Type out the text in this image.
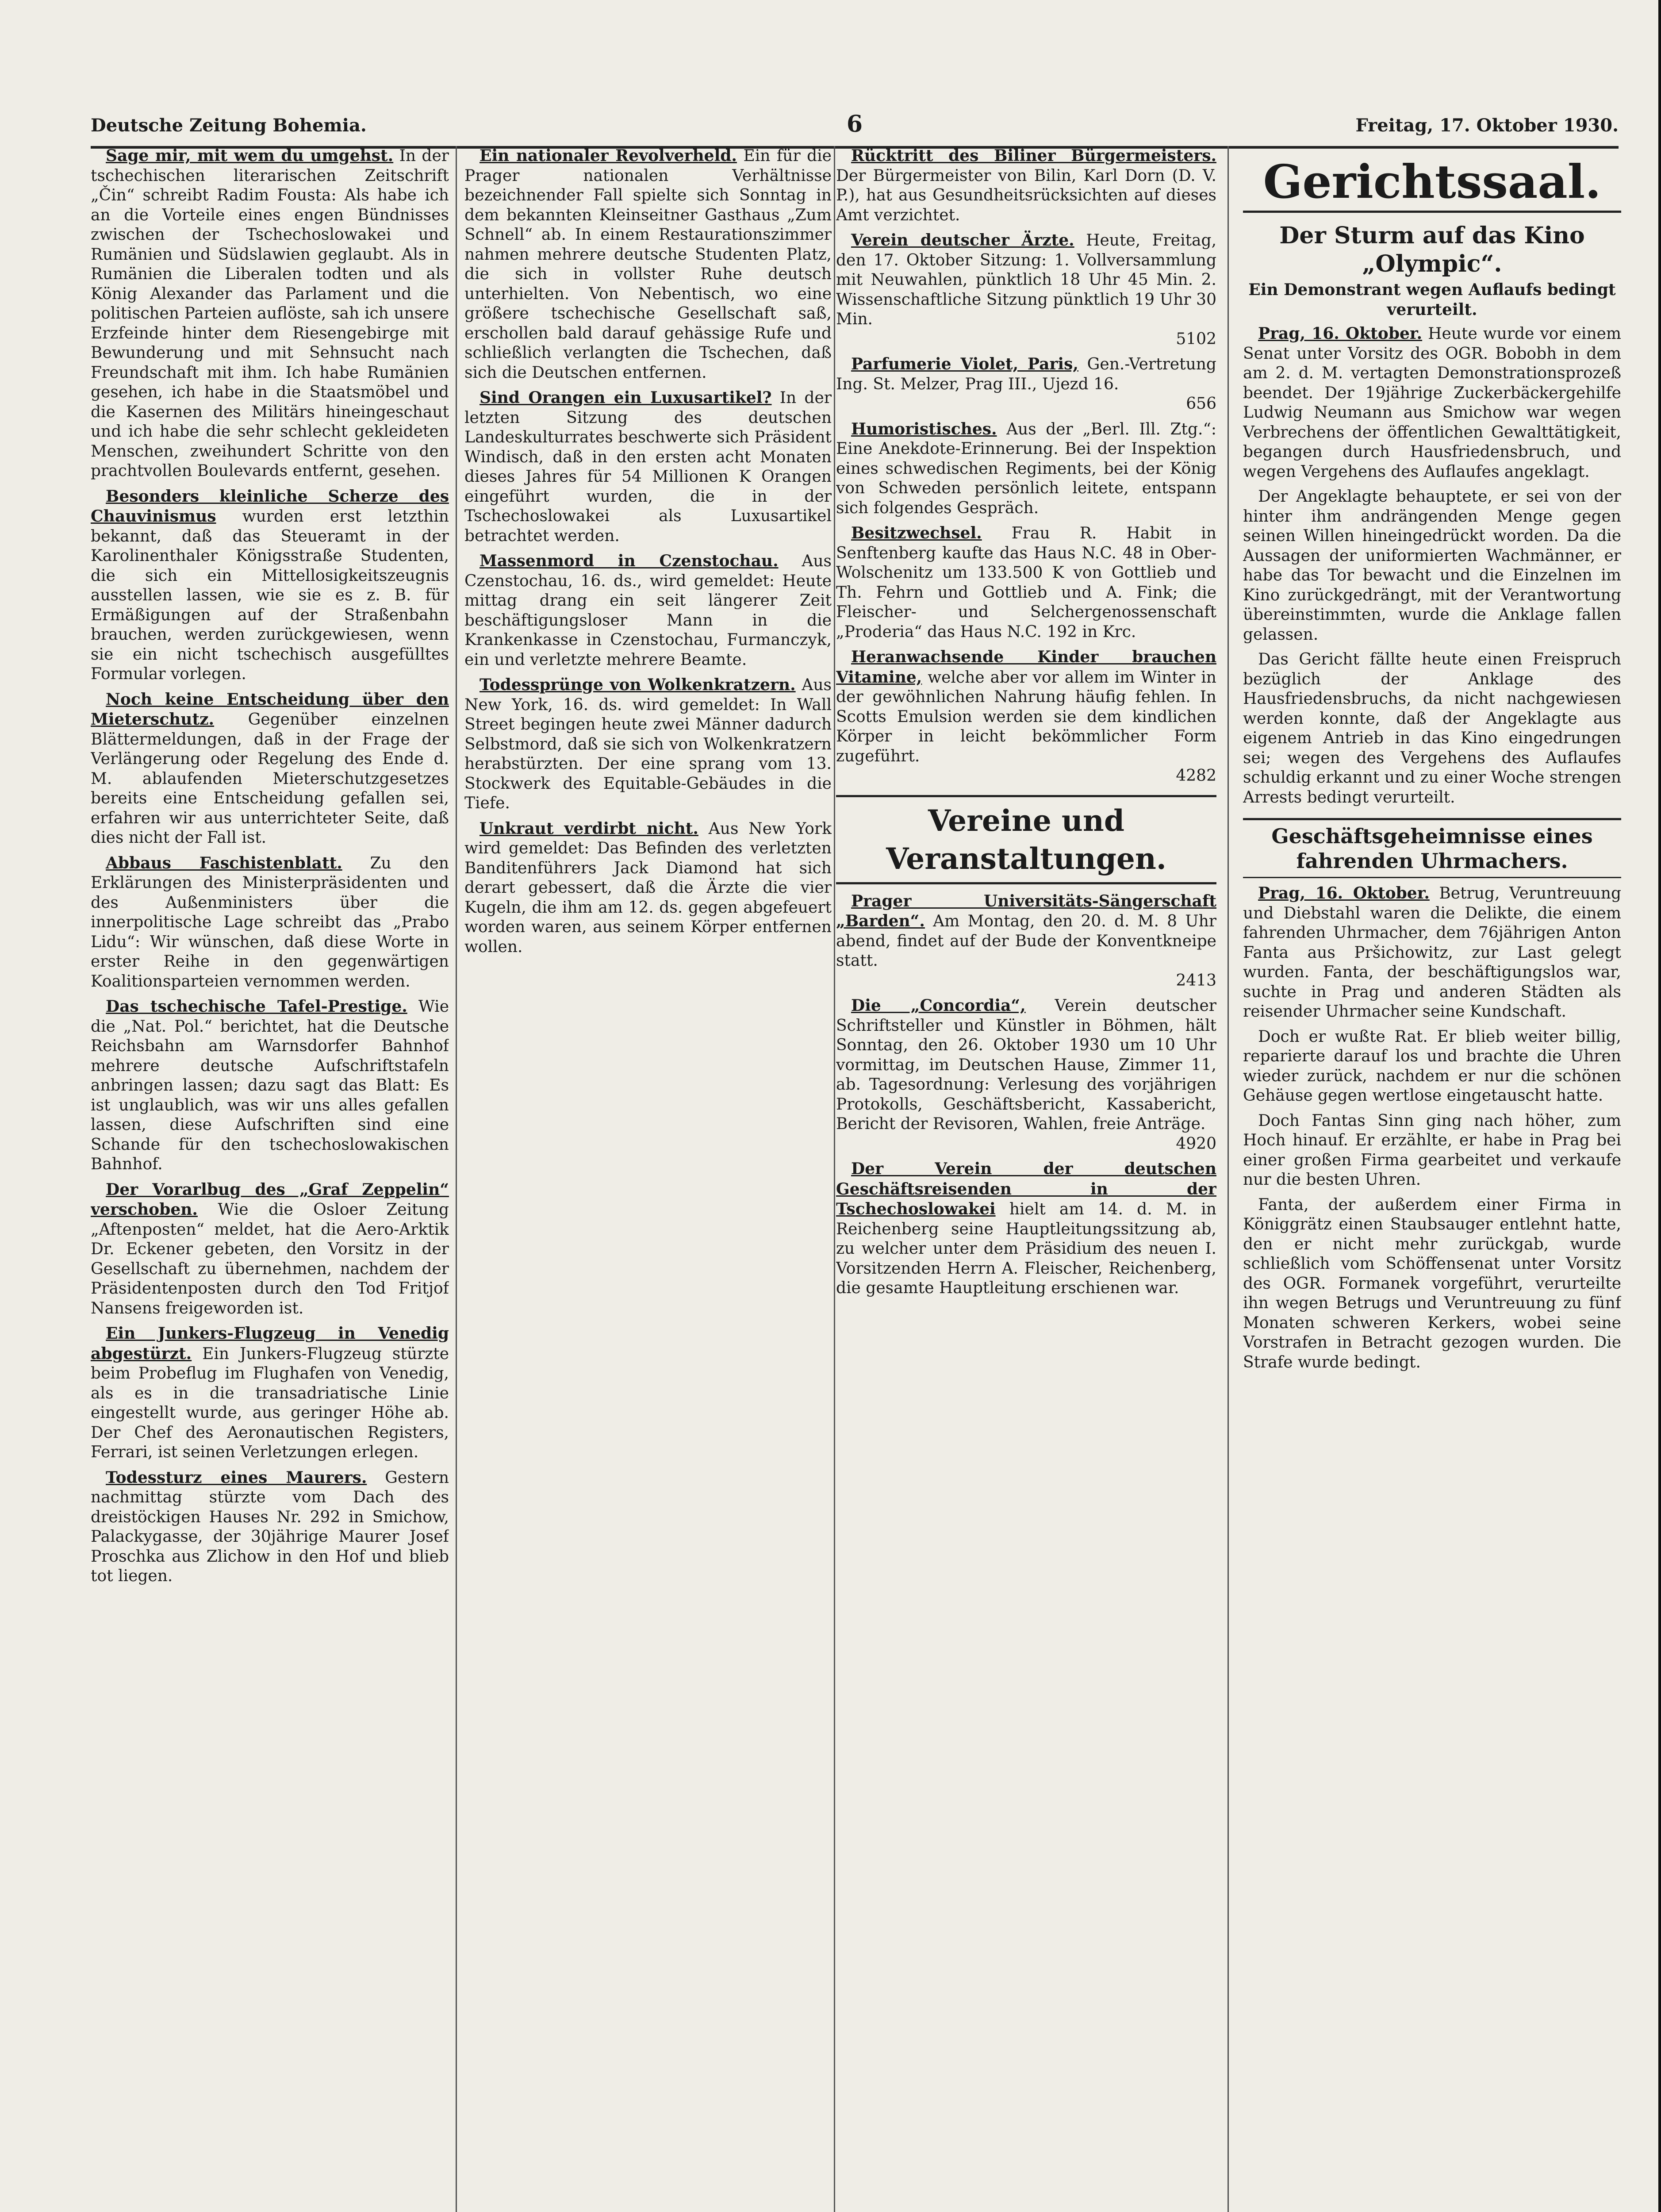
Deutsche Zeitung Bohemia.	6	Freitag, 17. Oktober 1930.

Sage mir, mit wem du umgehst. In der tschechischen literarischen Zeitschrift „Čin“ schreibt Radim Fousta: Als habe ich an die Vorteile eines engen Bündnisses zwischen der Tschechoslowakei und Rumänien und Südslawien geglaubt. Als in Rumänien die Liberalen todten und als König Alexander das Parlament und die politischen Parteien auflöste, sah ich unsere Erzfeinde hinter dem Riesengebirge mit Bewunderung und mit Sehnsucht nach Freundschaft mit ihm. Ich habe Rumänien gesehen, ich habe in die Staatsmöbel und die Kasernen des Militärs hineingeschaut und ich habe die sehr schlecht gekleideten Menschen, zweihundert Schritte von den prachtvollen Boulevards entfernt, gesehen.

Besonders kleinliche Scherze des Chauvinismus wurden erst letzthin bekannt, daß das Steueramt in der Karolinenthaler Königsstraße Studenten, die sich ein Mittellosigkeitszeugnis ausstellen lassen, wie sie es z. B. für Ermäßigungen auf der Straßenbahn brauchen, werden zurückgewiesen, wenn sie ein nicht tschechisch ausgefülltes Formular vorlegen.

Noch keine Entscheidung über den Mieterschutz. Gegenüber einzelnen Blättermeldungen, daß in der Frage der Verlängerung oder Regelung des Ende d. M. ablaufenden Mieterschutzgesetzes bereits eine Entscheidung gefallen sei, erfahren wir aus unterrichteter Seite, daß dies nicht der Fall ist.

Abbaus Faschistenblatt. Zu den Erklärungen des Ministerpräsidenten und des Außenministers über die innerpolitische Lage schreibt das „Prabo Lidu“: Wir wünschen, daß diese Worte in erster Reihe in den gegenwärtigen Koalitionsparteien vernommen werden.

Das tschechische Tafel-Prestige. Wie die „Nat. Pol.“ berichtet, hat die Deutsche Reichsbahn am Warnsdorfer Bahnhof mehrere deutsche Aufschriftstafeln anbringen lassen; dazu sagt das Blatt: Es ist unglaublich, was wir uns alles gefallen lassen, diese Aufschriften sind eine Schande für den tschechoslowakischen Bahnhof.

Der Vorarlbug des „Graf Zeppelin“ verschoben. Wie die Osloer Zeitung „Aftenposten“ meldet, hat die Aero-Arktik Dr. Eckener gebeten, den Vorsitz in der Gesellschaft zu übernehmen, nachdem der Präsidentenposten durch den Tod Fritjof Nansens freigeworden ist.

Ein Junkers-Flugzeug in Venedig abgestürzt. Ein Junkers-Flugzeug stürzte beim Probeflug im Flughafen von Venedig, als es in die transadriatische Linie eingestellt wurde, aus geringer Höhe ab. Der Chef des Aeronautischen Registers, Ferrari, ist seinen Verletzungen erlegen.

Todessturz eines Maurers. Gestern nachmittag stürzte vom Dach des dreistöckigen Hauses Nr. 292 in Smichow, Palackygasse, der 30jährige Maurer Josef Proschka aus Zlichow in den Hof und blieb tot liegen.

Ein nationaler Revolverheld. Ein für die Prager nationalen Verhältnisse bezeichnender Fall spielte sich Sonntag in dem bekannten Kleinseitner Gasthaus „Zum Schnell“ ab. In einem Restaurationszimmer nahmen mehrere deutsche Studenten Platz, die sich in vollster Ruhe deutsch unterhielten. Von Nebentisch, wo eine größere tschechische Gesellschaft saß, erschollen bald darauf gehässige Rufe und schließlich verlangten die Tschechen, daß sich die Deutschen entfernen.

Sind Orangen ein Luxusartikel? In der letzten Sitzung des deutschen Landeskulturrates beschwerte sich Präsident Windisch, daß in den ersten acht Monaten dieses Jahres für 54 Millionen K Orangen eingeführt wurden, die in der Tschechoslowakei als Luxusartikel betrachtet werden.

Massenmord in Czenstochau. Aus Czenstochau, 16. ds., wird gemeldet: Heute mittag drang ein seit längerer Zeit beschäftigungsloser Mann in die Krankenkasse in Czenstochau, Furmanczyk, ein und verletzte mehrere Beamte.

Todessprünge von Wolkenkratzern. Aus New York, 16. ds. wird gemeldet: In Wall Street begingen heute zwei Männer dadurch Selbstmord, daß sie sich von Wolkenkratzern herabstürzten. Der eine sprang vom 13. Stockwerk des Equitable-Gebäudes in die Tiefe.

Unkraut verdirbt nicht. Aus New York wird gemeldet: Das Befinden des verletzten Banditenführers Jack Diamond hat sich derart gebessert, daß die Ärzte die vier Kugeln, die ihm am 12. ds. gegen abgefeuert worden waren, aus seinem Körper entfernen wollen.

Rücktritt des Biliner Bürgermeisters. Der Bürgermeister von Bilin, Karl Dorn (D. V. P.), hat aus Gesundheitsrücksichten auf dieses Amt verzichtet.

Verein deutscher Ärzte. Heute, Freitag, den 17. Oktober Sitzung: 1. Vollversammlung mit Neuwahlen, pünktlich 18 Uhr 45 Min. 2. Wissenschaftliche Sitzung pünktlich 19 Uhr 30 Min.

5102

Parfumerie Violet, Paris, Gen.-Vertretung Ing. St. Melzer, Prag III., Ujezd 16.

656

Humoristisches. Aus der „Berl. Ill. Ztg.“: Eine Anekdote-Erinnerung. Bei der Inspektion eines schwedischen Regiments, bei der König von Schweden persönlich leitete, entspann sich folgendes Gespräch.

Besitzwechsel. Frau R. Habit in Senftenberg kaufte das Haus N.C. 48 in Ober-Wolschenitz um 133.500 K von Gottlieb und Th. Fehrn und Gottlieb und A. Fink; die Fleischer- und Selchergenossenschaft „Proderia“ das Haus N.C. 192 in Krc.

Heranwachsende Kinder brauchen Vitamine, welche aber vor allem im Winter in der gewöhnlichen Nahrung häufig fehlen. In Scotts Emulsion werden sie dem kindlichen Körper in leicht bekömmlicher Form zugeführt.

4282
Vereine und Veranstaltungen.

Prager Universitäts-Sängerschaft „Barden“. Am Montag, den 20. d. M. 8 Uhr abend, findet auf der Bude der Konventkneipe statt.

2413

Die „Concordia“, Verein deutscher Schriftsteller und Künstler in Böhmen, hält Sonntag, den 26. Oktober 1930 um 10 Uhr vormittag, im Deutschen Hause, Zimmer 11, ab. Tagesordnung: Verlesung des vorjährigen Protokolls, Geschäftsbericht, Kassabericht, Bericht der Revisoren, Wahlen, freie Anträge.

4920

Der Verein der deutschen Geschäftsreisenden in der Tschechoslowakei hielt am 14. d. M. in Reichenberg seine Hauptleitungssitzung ab, zu welcher unter dem Präsidium des neuen I. Vorsitzenden Herrn A. Fleischer, Reichenberg, die gesamte Hauptleitung erschienen war.

Gerichtssaal.
Der Sturm auf das Kino „Olympic“.
Ein Demonstrant wegen Auflaufs bedingt verurteilt.

Prag, 16. Oktober. Heute wurde vor einem Senat unter Vorsitz des OGR. Bobobh in dem am 2. d. M. vertagten Demonstrationsprozeß beendet. Der 19jährige Zuckerbäckergehilfe Ludwig Neumann aus Smichow war wegen Verbrechens der öffentlichen Gewalttätigkeit, begangen durch Hausfriedensbruch, und wegen Vergehens des Auflaufes angeklagt.

Der Angeklagte behauptete, er sei von der hinter ihm andrängenden Menge gegen seinen Willen hineingedrückt worden. Da die Aussagen der uniformierten Wachmänner, er habe das Tor bewacht und die Einzelnen im Kino zurückgedrängt, mit der Verantwortung übereinstimmten, wurde die Anklage fallen gelassen.

Das Gericht fällte heute einen Freispruch bezüglich der Anklage des Hausfriedensbruchs, da nicht nachgewiesen werden konnte, daß der Angeklagte aus eigenem Antrieb in das Kino eingedrungen sei; wegen des Vergehens des Auflaufes schuldig erkannt und zu einer Woche strengen Arrests bedingt verurteilt.

Geschäftsgeheimnisse eines fahrenden Uhrmachers.

Prag, 16. Oktober. Betrug, Veruntreuung und Diebstahl waren die Delikte, die einem fahrenden Uhrmacher, dem 76jährigen Anton Fanta aus Pršichowitz, zur Last gelegt wurden. Fanta, der beschäftigungslos war, suchte in Prag und anderen Städten als reisender Uhrmacher seine Kundschaft.

Doch er wußte Rat. Er blieb weiter billig, reparierte darauf los und brachte die Uhren wieder zurück, nachdem er nur die schönen Gehäuse gegen wertlose eingetauscht hatte.

Doch Fantas Sinn ging nach höher, zum Hoch hinauf. Er erzählte, er habe in Prag bei einer großen Firma gearbeitet und verkaufe nur die besten Uhren.

Fanta, der außerdem einer Firma in Königgrätz einen Staubsauger entlehnt hatte, den er nicht mehr zurückgab, wurde schließlich vom Schöffensenat unter Vorsitz des OGR. Formanek vorgeführt, verurteilte ihn wegen Betrugs und Veruntreuung zu fünf Monaten schweren Kerkers, wobei seine Vorstrafen in Betracht gezogen wurden. Die Strafe wurde bedingt.
